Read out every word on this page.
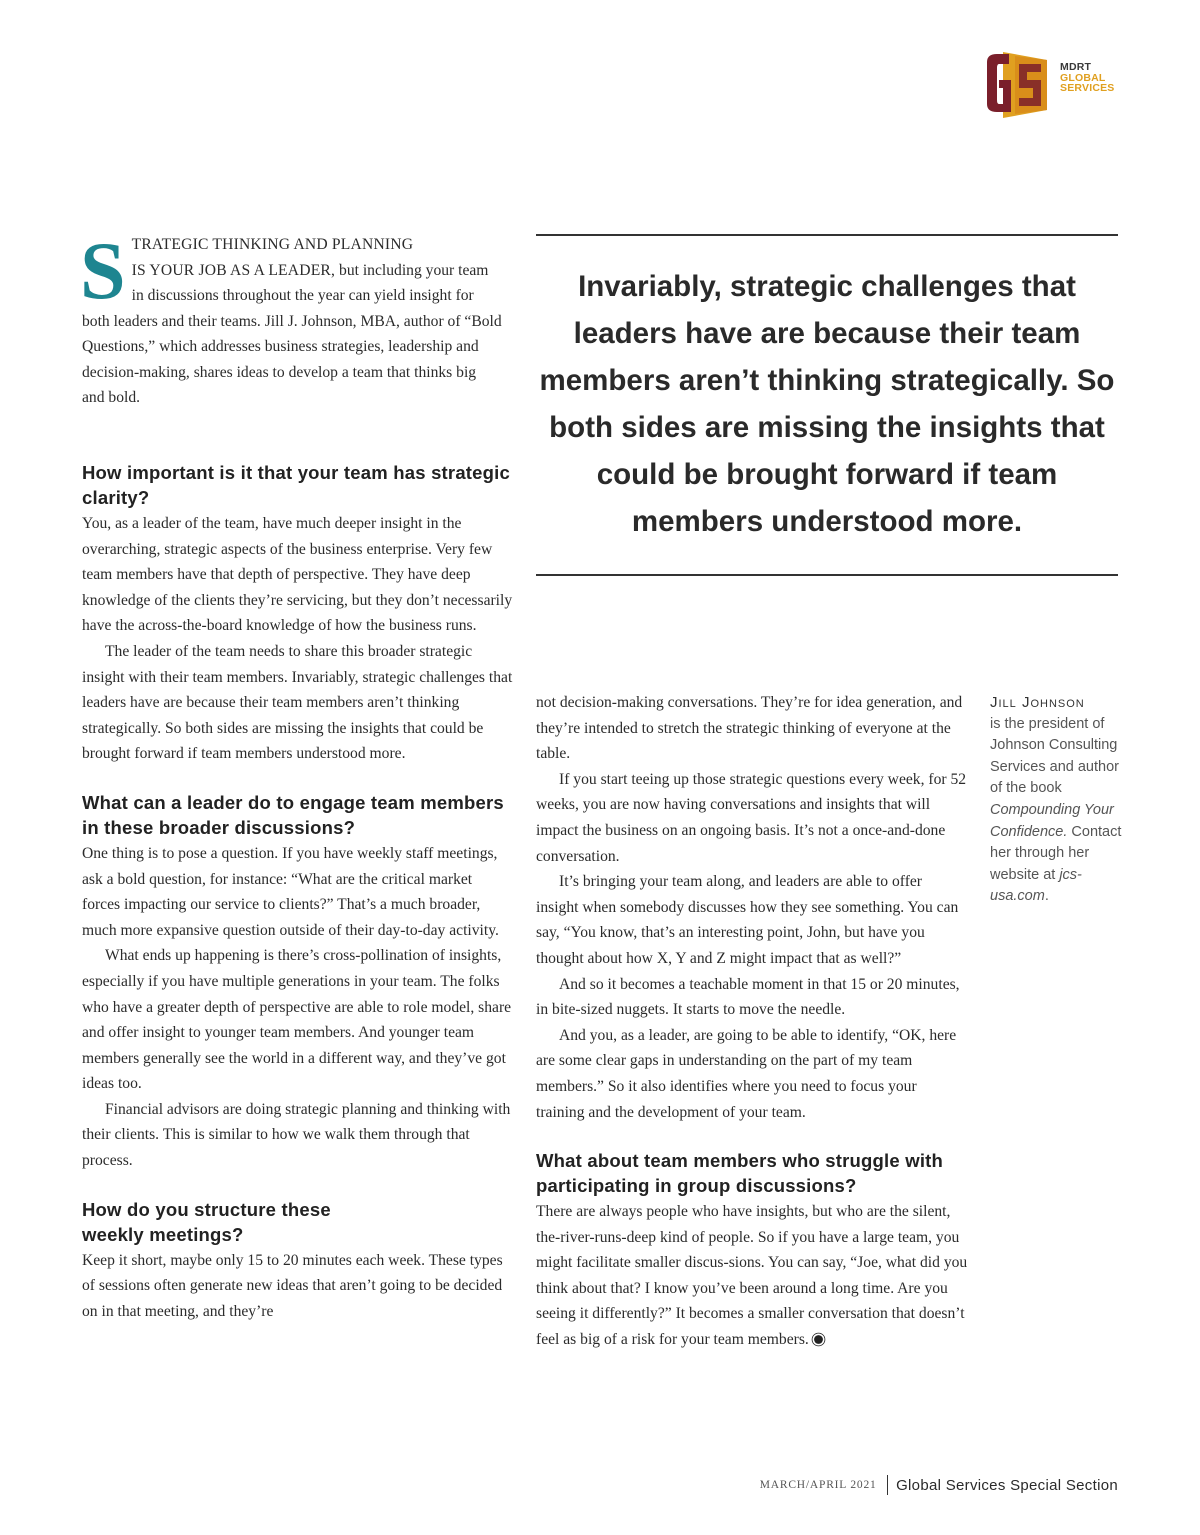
MDRT
GLOBAL
SERVICES
S TRATEGIC THINKING AND PLANNING
IS YOUR JOB AS A LEADER, but including your team in discussions throughout the year can yield insight for both leaders and their teams. Jill J. Johnson, MBA, author of “Bold Questions,” which addresses business strategies, leadership and decision-making, shares ideas to develop a team that thinks big and bold.
Invariably, strategic challenges that leaders have are because their team members aren’t thinking strategically. So both sides are missing the insights that could be brought forward if team members understood more.
How important is it that your team has strategic clarity?

You, as a leader of the team, have much deeper insight in the overarching, strategic aspects of the business enterprise. Very few team members have that depth of perspective. They have deep knowledge of the clients they’re servicing, but they don’t necessarily have the across-the-board knowledge of how the business runs.

The leader of the team needs to share this broader strategic insight with their team members. Invariably, strategic challenges that leaders have are because their team members aren’t thinking strategically. So both sides are missing the insights that could be brought forward if team members understood more.

What can a leader do to engage team members in these broader discussions?

One thing is to pose a question. If you have weekly staff meetings, ask a bold question, for instance: “What are the critical market forces impacting our service to clients?” That’s a much broader, much more expansive question outside of their day-to-day activity.

What ends up happening is there’s cross-pollination of insights, especially if you have multiple generations in your team. The folks who have a greater depth of perspective are able to role model, share and offer insight to younger team members. And younger team members generally see the world in a different way, and they’ve got ideas too.

Financial advisors are doing strategic planning and thinking with their clients. This is similar to how we walk them through that process.

How do you structure these weekly meetings?

Keep it short, maybe only 15 to 20 minutes each week. These types of sessions often generate new ideas that aren’t going to be decided on in that meeting, and they’re

not decision-making conversations. They’re for idea generation, and they’re intended to stretch the strategic thinking of everyone at the table.

If you start teeing up those strategic questions every week, for 52 weeks, you are now having conversations and insights that will impact the business on an ongoing basis. It’s not a once-and-done conversation.

It’s bringing your team along, and leaders are able to offer insight when somebody discusses how they see something. You can say, “You know, that’s an interesting point, John, but have you thought about how X, Y and Z might impact that as well?”

And so it becomes a teachable moment in that 15 or 20 minutes, in bite-sized nuggets. It starts to move the needle.

And you, as a leader, are going to be able to identify, “OK, here are some clear gaps in understanding on the part of my team members.” So it also identifies where you need to focus your training and the development of your team.

What about team members who struggle with participating in group discussions?

There are always people who have insights, but who are the silent, the-river-runs-deep kind of people. So if you have a large team, you might facilitate smaller discus-sions. You can say, “Joe, what did you think about that? I know you’ve been around a long time. Are you seeing it differently?” It becomes a smaller conversation that doesn’t feel as big of a risk for your team members.

Jill Johnson
is the president of Johnson Consulting Services and author of the book Compounding Your Confidence. Contact her through her website at jcs-usa.com.
MARCH/APRIL 2021 Global Services Special Section
